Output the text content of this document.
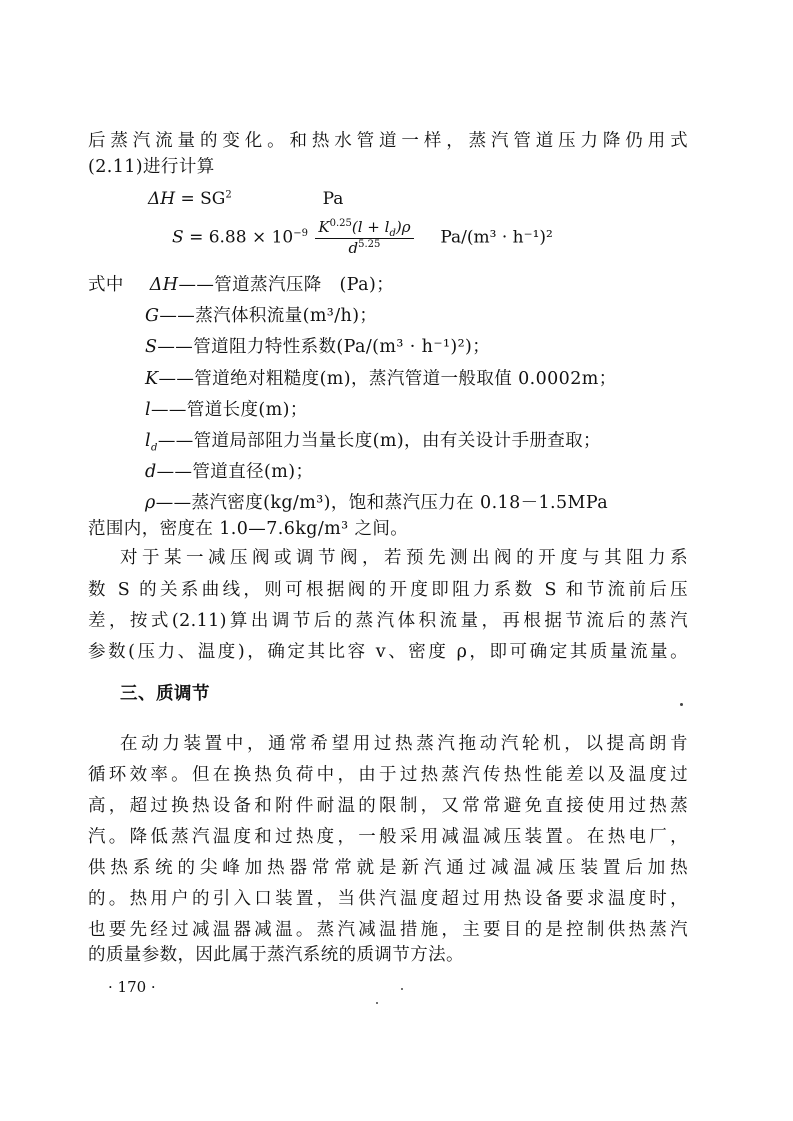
后蒸汽流量的变化。和热水管道一样，蒸汽管道压力降仍用式
(2.11)进行计算
$\Delta H = SG^2$	Pa
$S = 6.88 \times 10^{-9} \frac{K^{0.25}(l + l_d)\rho}{d^{5.25}} Pa/(m^3 \cdot h^{-1})^2$
式中 ΔH——管道蒸汽压降　(Pa)；
G——蒸汽体积流量(m³/h)；
S——管道阻力特性系数(Pa/(m³ · h⁻¹)²)；
K——管道绝对粗糙度(m)，蒸汽管道一般取值 0.0002m；
l——管道长度(m)；
$l_d——$管道局部阻力当量长度(m)，由有关设计手册查取；
d——管道直径(m)；
ρ——蒸汽密度(kg/m³)，饱和蒸汽压力在 0.18－1.5MPa
范围内，密度在 1.0—7.6kg/m³ 之间。
对于某一减压阀或调节阀，若预先测出阀的开度与其阻力系
数 S 的关系曲线，则可根据阀的开度即阻力系数 S 和节流前后压
差，按式(2.11)算出调节后的蒸汽体积流量，再根据节流后的蒸汽
参数(压力、温度)，确定其比容 v、密度 ρ，即可确定其质量流量。
三、质调节
在动力装置中，通常希望用过热蒸汽拖动汽轮机，以提高朗肯
循环效率。但在换热负荷中，由于过热蒸汽传热性能差以及温度过
高，超过换热设备和附件耐温的限制，又常常避免直接使用过热蒸
汽。降低蒸汽温度和过热度，一般采用减温减压装置。在热电厂，
供热系统的尖峰加热器常常就是新汽通过减温减压装置后加热
的。热用户的引入口装置，当供汽温度超过用热设备要求温度时，
也要先经过减温器减温。蒸汽减温措施，主要目的是控制供热蒸汽
的质量参数，因此属于蒸汽系统的质调节方法。
· 170 ·
